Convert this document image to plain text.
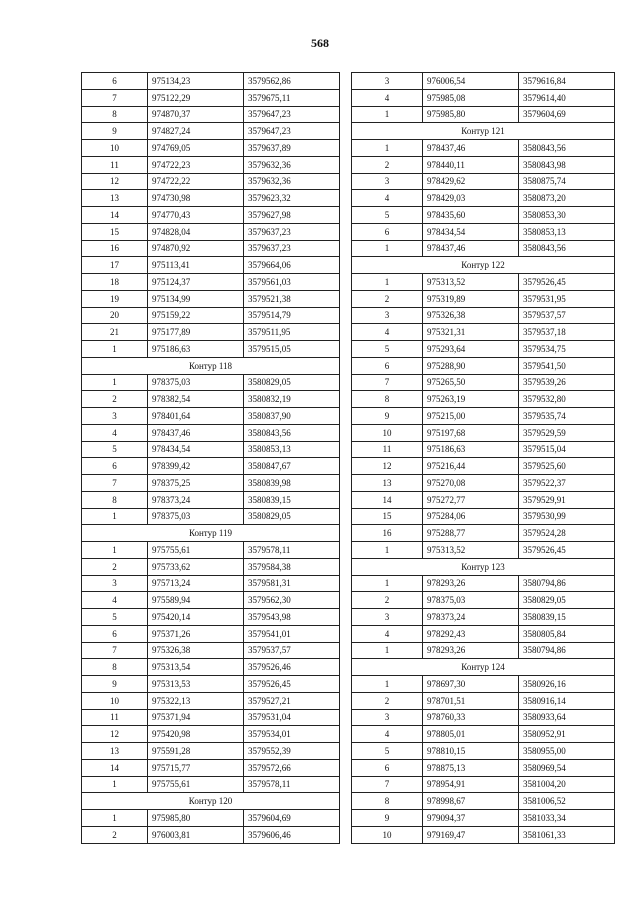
568
6	975134,23	3579562,86
7	975122,29	3579675,11
8	974870,37	3579647,23
9	974827,24	3579647,23
10	974769,05	3579637,89
11	974722,23	3579632,36
12	974722,22	3579632,36
13	974730,98	3579623,32
14	974770,43	3579627,98
15	974828,04	3579637,23
16	974870,92	3579637,23
17	975113,41	3579664,06
18	975124,37	3579561,03
19	975134,99	3579521,38
20	975159,22	3579514,79
21	975177,89	3579511,95
1	975186,63	3579515,05
Контур 118		
1	978375,03	3580829,05
2	978382,54	3580832,19
3	978401,64	3580837,90
4	978437,46	3580843,56
5	978434,54	3580853,13
6	978399,42	3580847,67
7	978375,25	3580839,98
8	978373,24	3580839,15
1	978375,03	3580829,05
Контур 119		
1	975755,61	3579578,11
2	975733,62	3579584,38
3	975713,24	3579581,31
4	975589,94	3579562,30
5	975420,14	3579543,98
6	975371,26	3579541,01
7	975326,38	3579537,57
8	975313,54	3579526,46
9	975313,53	3579526,45
10	975322,13	3579527,21
11	975371,94	3579531,04
12	975420,98	3579534,01
13	975591,28	3579552,39
14	975715,77	3579572,66
1	975755,61	3579578,11
Контур 120		
1	975985,80	3579604,69
2	976003,81	3579606,46
3	976006,54	3579616,84
4	975985,08	3579614,40
1	975985,80	3579604,69
Контур 121		
1	978437,46	3580843,56
2	978440,11	3580843,98
3	978429,62	3580875,74
4	978429,03	3580873,20
5	978435,60	3580853,30
6	978434,54	3580853,13
1	978437,46	3580843,56
Контур 122		
1	975313,52	3579526,45
2	975319,89	3579531,95
3	975326,38	3579537,57
4	975321,31	3579537,18
5	975293,64	3579534,75
6	975288,90	3579541,50
7	975265,50	3579539,26
8	975263,19	3579532,80
9	975215,00	3579535,74
10	975197,68	3579529,59
11	975186,63	3579515,04
12	975216,44	3579525,60
13	975270,08	3579522,37
14	975272,77	3579529,91
15	975284,06	3579530,99
16	975288,77	3579524,28
1	975313,52	3579526,45
Контур 123		
1	978293,26	3580794,86
2	978375,03	3580829,05
3	978373,24	3580839,15
4	978292,43	3580805,84
1	978293,26	3580794,86
Контур 124		
1	978697,30	3580926,16
2	978701,51	3580916,14
3	978760,33	3580933,64
4	978805,01	3580952,91
5	978810,15	3580955,00
6	978875,13	3580969,54
7	978954,91	3581004,20
8	978998,67	3581006,52
9	979094,37	3581033,34
10	979169,47	3581061,33
